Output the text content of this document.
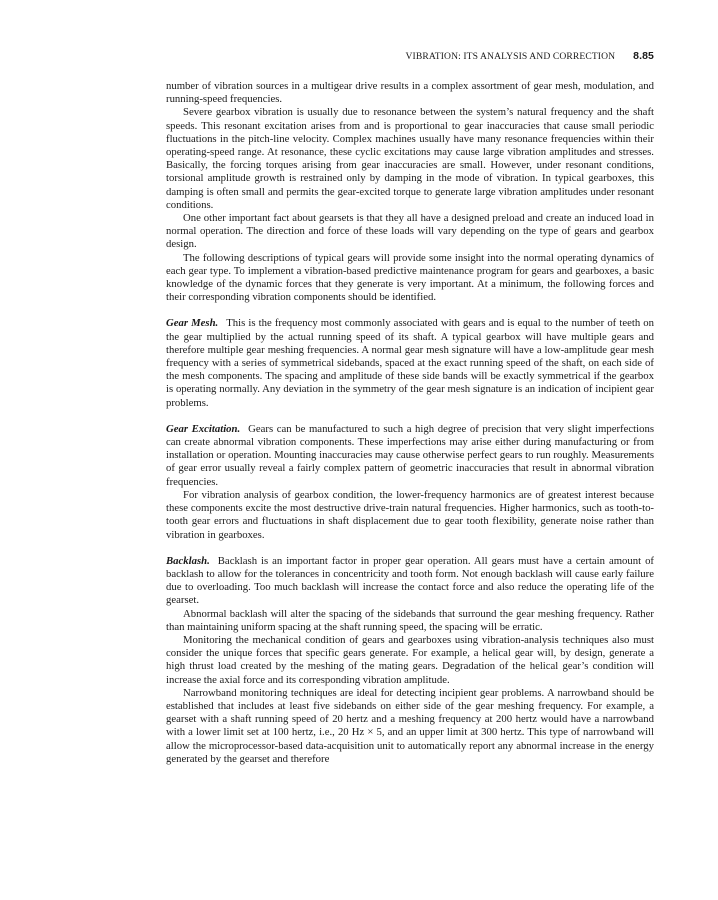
VIBRATION: ITS ANALYSIS AND CORRECTION 8.85

number of vibration sources in a multigear drive results in a complex assortment of gear mesh, modulation, and running-speed frequencies.

Severe gearbox vibration is usually due to resonance between the system’s natural frequency and the shaft speeds. This resonant excitation arises from and is proportional to gear inaccuracies that cause small periodic fluctuations in the pitch-line velocity. Complex machines usually have many resonance frequencies within their operating-speed range. At resonance, these cyclic excitations may cause large vibration amplitudes and stresses. Basically, the forcing torques arising from gear inaccuracies are small. However, under resonant conditions, torsional amplitude growth is restrained only by damping in the mode of vibration. In typical gearboxes, this damping is often small and permits the gear-excited torque to generate large vibration amplitudes under resonant conditions.

One other important fact about gearsets is that they all have a designed preload and create an induced load in normal operation. The direction and force of these loads will vary depending on the type of gears and gearbox design.

The following descriptions of typical gears will provide some insight into the normal operating dynamics of each gear type. To implement a vibration-based predictive maintenance program for gears and gearboxes, a basic knowledge of the dynamic forces that they generate is very important. At a minimum, the following forces and their corresponding vibration components should be identified.

Gear Mesh. This is the frequency most commonly associated with gears and is equal to the number of teeth on the gear multiplied by the actual running speed of its shaft. A typical gearbox will have multiple gears and therefore multiple gear meshing frequencies. A normal gear mesh signature will have a low-amplitude gear mesh frequency with a series of symmetrical sidebands, spaced at the exact running speed of the shaft, on each side of the mesh components. The spacing and amplitude of these side bands will be exactly symmetrical if the gearbox is operating normally. Any deviation in the symmetry of the gear mesh signature is an indication of incipient gear problems.

Gear Excitation. Gears can be manufactured to such a high degree of precision that very slight imperfections can create abnormal vibration components. These imperfections may arise either during manufacturing or from installation or operation. Mounting inaccuracies may cause otherwise perfect gears to run roughly. Measurements of gear error usually reveal a fairly complex pattern of geometric inaccuracies that result in abnormal vibration frequencies.

For vibration analysis of gearbox condition, the lower-frequency harmonics are of greatest interest because these components excite the most destructive drive-train natural frequencies. Higher harmonics, such as tooth-to-tooth gear errors and fluctuations in shaft displacement due to gear tooth flexibility, generate noise rather than vibration in gearboxes.

Backlash. Backlash is an important factor in proper gear operation. All gears must have a certain amount of backlash to allow for the tolerances in concentricity and tooth form. Not enough backlash will cause early failure due to overloading. Too much backlash will increase the contact force and also reduce the operating life of the gearset.

Abnormal backlash will alter the spacing of the sidebands that surround the gear meshing frequency. Rather than maintaining uniform spacing at the shaft running speed, the spacing will be erratic.

Monitoring the mechanical condition of gears and gearboxes using vibration-analysis techniques also must consider the unique forces that specific gears generate. For example, a helical gear will, by design, generate a high thrust load created by the meshing of the mating gears. Degradation of the helical gear’s condition will increase the axial force and its corresponding vibration amplitude.

Narrowband monitoring techniques are ideal for detecting incipient gear problems. A narrowband should be established that includes at least five sidebands on either side of the gear meshing frequency. For example, a gearset with a shaft running speed of 20 hertz and a meshing frequency at 200 hertz would have a narrowband with a lower limit set at 100 hertz, i.e., 20 Hz × 5, and an upper limit at 300 hertz. This type of narrowband will allow the microprocessor-based data-acquisition unit to automatically report any abnormal increase in the energy generated by the gearset and therefore
